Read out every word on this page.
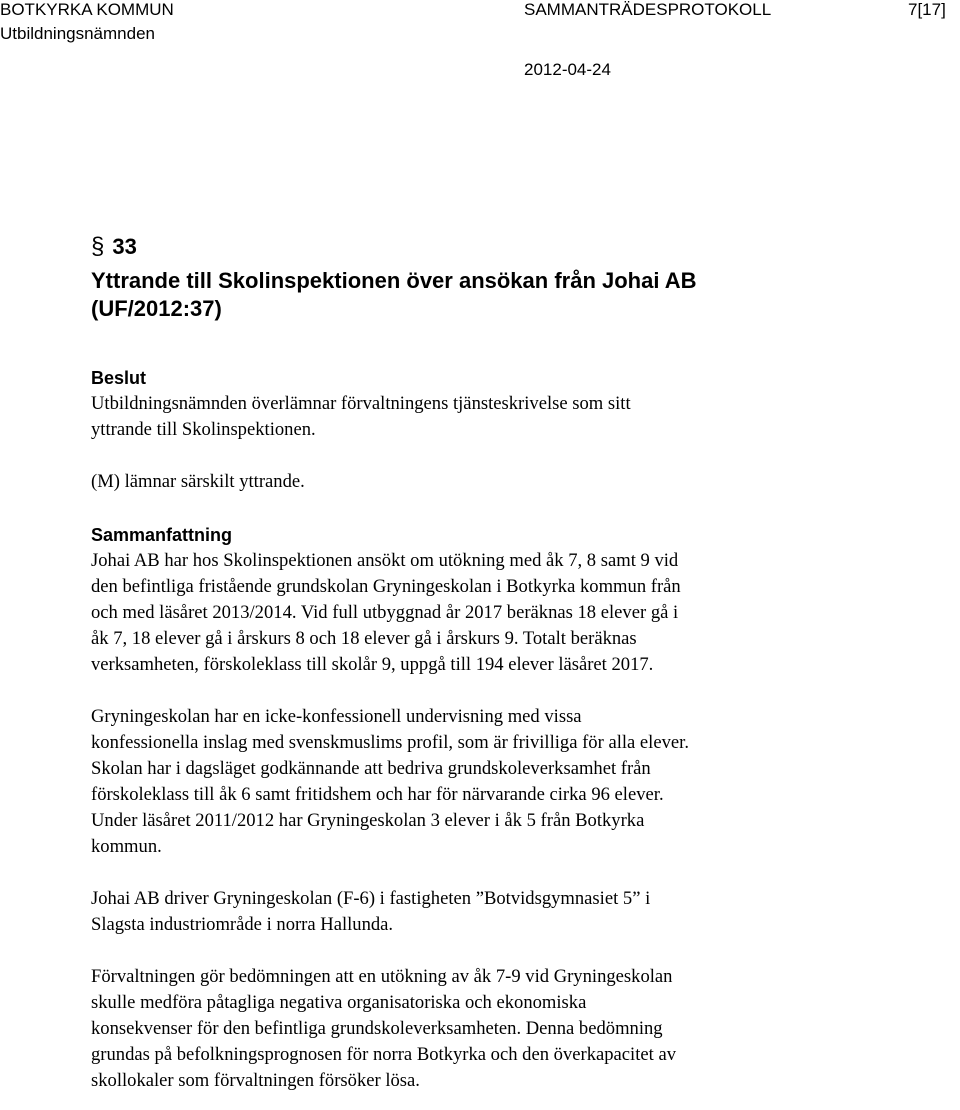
BOTKYRKA KOMMUN
Utbildningsnämnden
SAMMANTRÄDESPROTOKOLL	7[17]
2012-04-24

§ 33

Yttrande till Skolinspektionen över ansökan från Johai AB
(UF/2012:37)

Beslut

Utbildningsnämnden överlämnar förvaltningens tjänsteskrivelse som sitt
yttrande till Skolinspektionen.

(M) lämnar särskilt yttrande.

Sammanfattning

Johai AB har hos Skolinspektionen ansökt om utökning med åk 7, 8 samt 9 vid
den befintliga fristående grundskolan Gryningeskolan i Botkyrka kommun från
och med läsåret 2013/2014. Vid full utbyggnad år 2017 beräknas 18 elever gå i
åk 7, 18 elever gå i årskurs 8 och 18 elever gå i årskurs 9. Totalt beräknas
verksamheten, förskoleklass till skolår 9, uppgå till 194 elever läsåret 2017.

Gryningeskolan har en icke-konfessionell undervisning med vissa
konfessionella inslag med svenskmuslims profil, som är frivilliga för alla elever.
Skolan har i dagsläget godkännande att bedriva grundskoleverksamhet från
förskoleklass till åk 6 samt fritidshem och har för närvarande cirka 96 elever.
Under läsåret 2011/2012 har Gryningeskolan 3 elever i åk 5 från Botkyrka
kommun.

Johai AB driver Gryningeskolan (F-6) i fastigheten ”Botvidsgymnasiet 5” i
Slagsta industriområde i norra Hallunda.

Förvaltningen gör bedömningen att en utökning av åk 7-9 vid Gryningeskolan
skulle medföra påtagliga negativa organisatoriska och ekonomiska
konsekvenser för den befintliga grundskoleverksamheten. Denna bedömning
grundas på befolkningsprognosen för norra Botkyrka och den överkapacitet av
skollokaler som förvaltningen försöker lösa.
